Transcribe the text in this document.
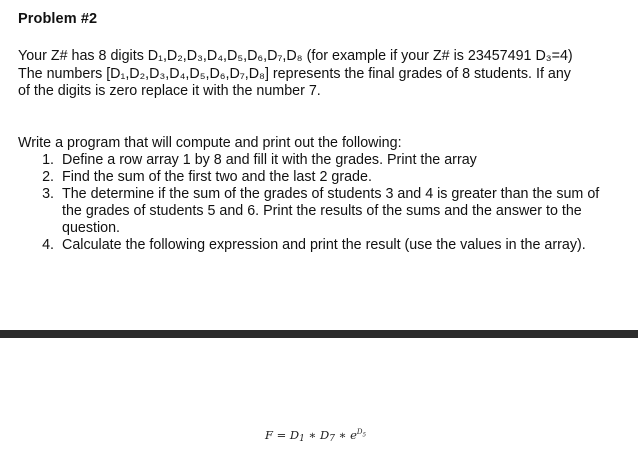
Problem #2
Your Z# has 8 digits D₁,D₂,D₃,D₄,D₅,D₆,D₇,D₈ (for example if your Z# is 23457491 D₃=4)
The numbers [D₁,D₂,D₃,D₄,D₅,D₆,D₇,D₈] represents the final grades of 8 students. If any
of the digits is zero replace it with the number 7.
Write a program that will compute and print out the following:
1. Define a row array 1 by 8 and fill it with the grades. Print the array
2. Find the sum of the first two and the last 2 grade.
3. The determine if the sum of the grades of students 3 and 4 is greater than the sum of the grades of students 5 and 6. Print the results of the sums and the answer to the question.
4. Calculate the following expression and print the result (use the values in the array).
$F = D_1$ ∗ $D_7$ ∗ $e^{D_5}$
